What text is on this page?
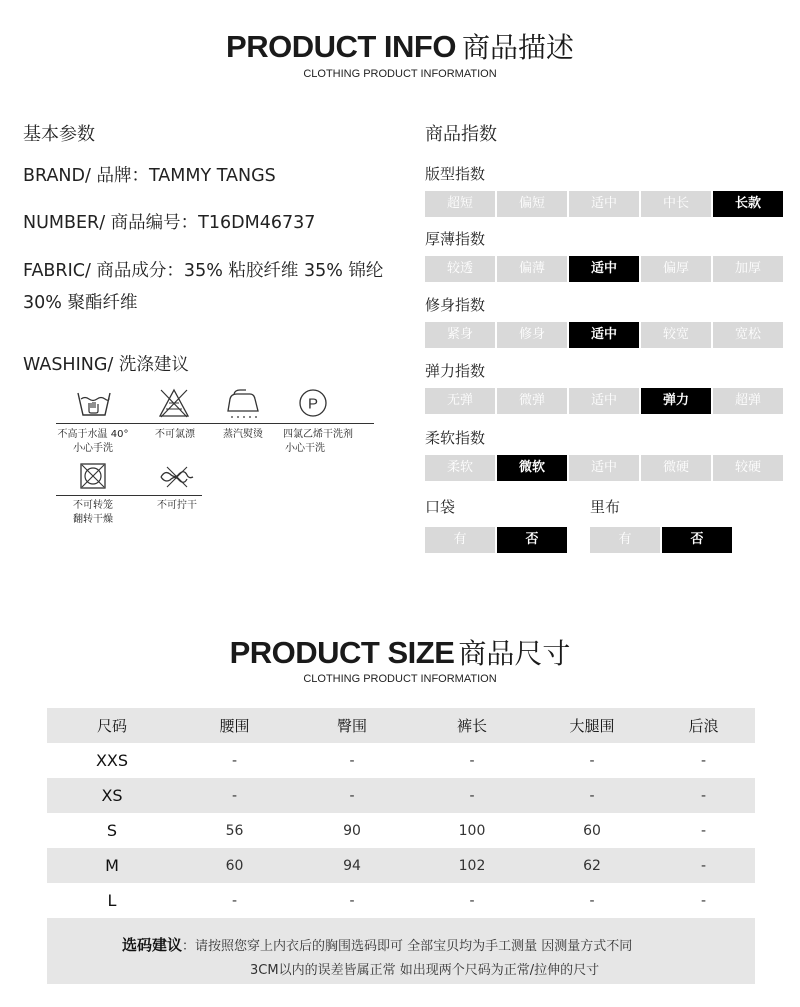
PRODUCT INFO 商品描述
CLOTHING PRODUCT INFORMATION
基本参数
BRAND/ 品牌：TAMMY TANGS
NUMBER/ 商品编号：T16DM46737
FABRIC/ 商品成分：35% 粘胶纤维 35% 锦纶
30% 聚酯纤维
WASHING/ 洗涤建议
P
不高于水温 40°
小心手洗
不可氯漂	蒸汽熨烫	四氯乙烯干洗剂
小心干洗
不可转笼
翻转干燥
不可拧干
商品指数
版型指数
超短	偏短	适中	中长	长款
厚薄指数
较透	偏薄	适中	偏厚	加厚
修身指数
紧身	修身	适中	较宽	宽松
弹力指数
无弹	微弹	适中	弹力	超弹
柔软指数
柔软	微软	适中	微硬	较硬
口袋
有	否
里布
有	否
PRODUCT SIZE 商品尺寸
CLOTHING PRODUCT INFORMATION
尺码	腰围	臀围	裤长	大腿围	后浪
XXS	-	-	-	-	-
XS	-	-	-	-	-
S	56	90	100	60	-
M	60	94	102	62	-
L	-	-	-	-	-
选码建议：请按照您穿上内衣后的胸围选码即可 全部宝贝均为手工测量 因测量方式不同
3CM以内的误差皆属正常 如出现两个尺码为正常/拉伸的尺寸
